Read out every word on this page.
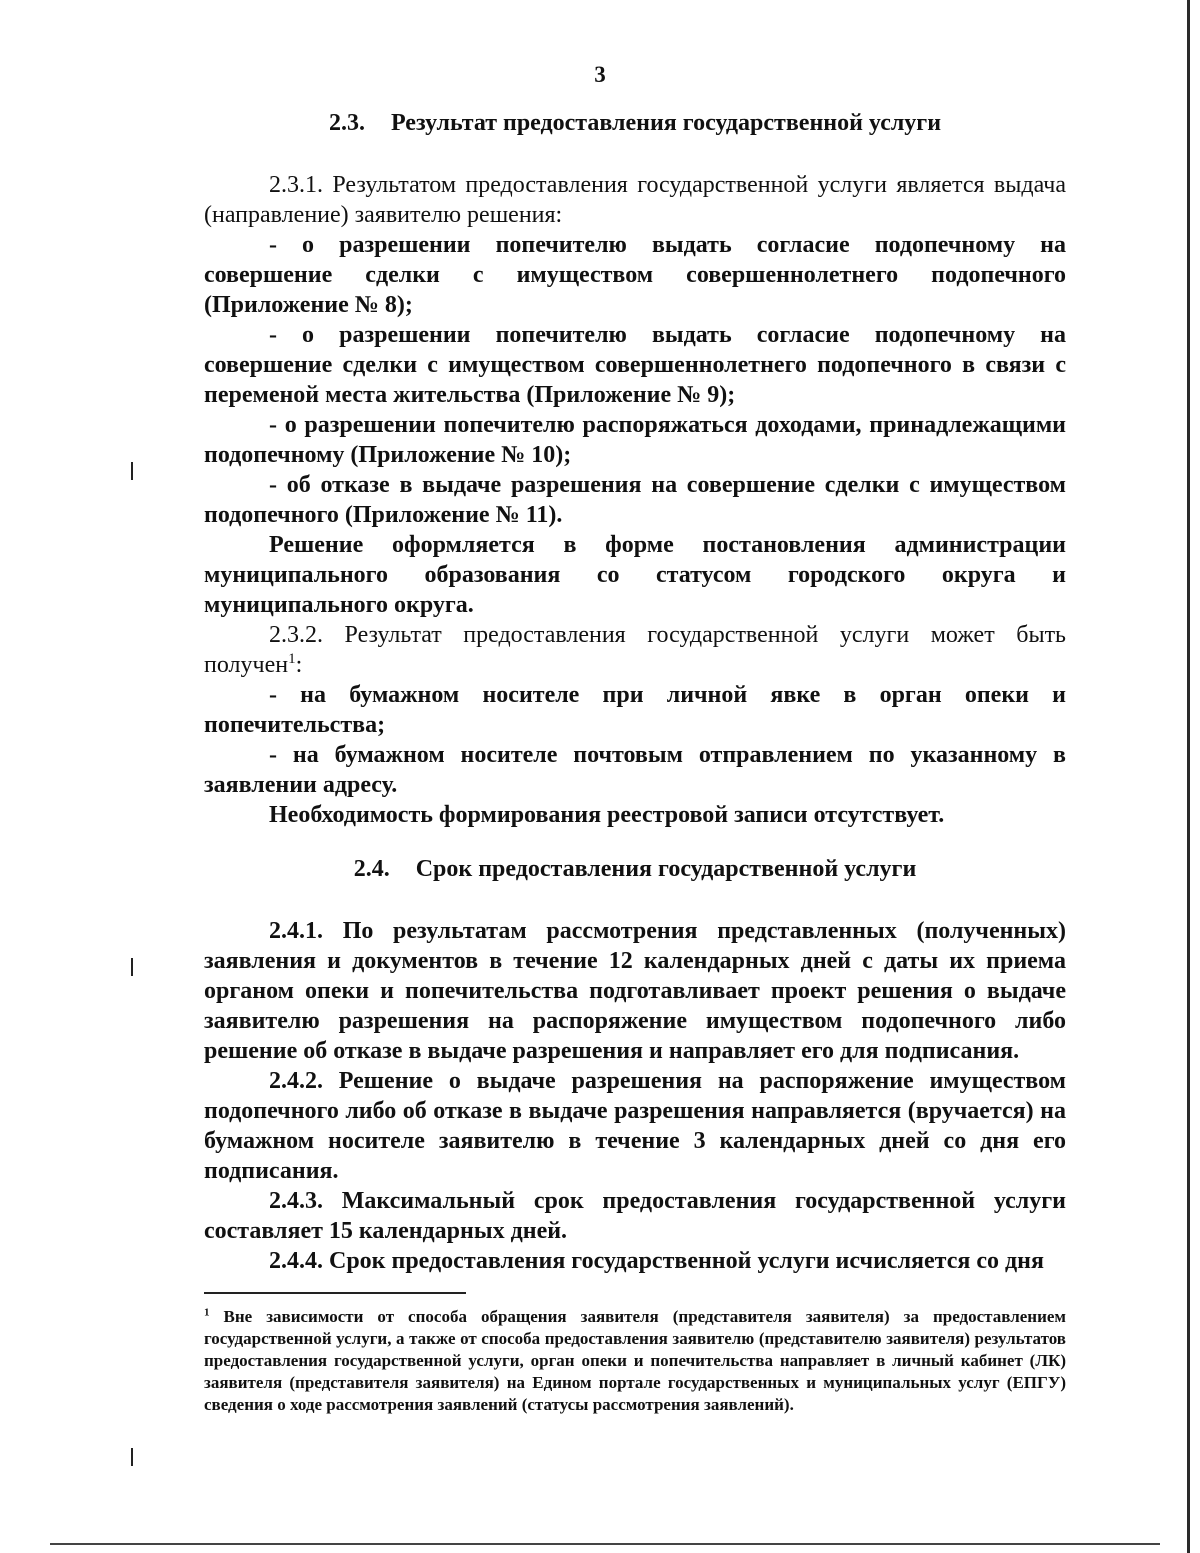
3
2.3. Результат предоставления государственной услуги

2.3.1. Результатом предоставления государственной услуги является выдача (направление) заявителю решения:

- о разрешении попечителю выдать согласие подопечному на совершение сделки с имуществом совершеннолетнего подопечного (Приложение № 8);

- о разрешении попечителю выдать согласие подопечному на совершение сделки с имуществом совершеннолетнего подопечного в связи с переменой места жительства (Приложение № 9);

- о разрешении попечителю распоряжаться доходами, принадлежащими подопечному (Приложение № 10);

- об отказе в выдаче разрешения на совершение сделки с имуществом подопечного (Приложение № 11).

Решение оформляется в форме постановления администрации муниципального образования со статусом городского округа и муниципального округа.

2.3.2. Результат предоставления государственной услуги может быть получен$^1$:

- на бумажном носителе при личной явке в орган опеки и попечительства;

- на бумажном носителе почтовым отправлением по указанному в заявлении адресу.

Необходимость формирования реестровой записи отсутствует.

2.4. Срок предоставления государственной услуги

2.4.1. По результатам рассмотрения представленных (полученных) заявления и документов в течение 12 календарных дней с даты их приема органом опеки и попечительства подготавливает проект решения о выдаче заявителю разрешения на распоряжение имуществом подопечного либо решение об отказе в выдаче разрешения и направляет его для подписания.

2.4.2. Решение о выдаче разрешения на распоряжение имуществом подопечного либо об отказе в выдаче разрешения направляется (вручается) на бумажном носителе заявителю в течение 3 календарных дней со дня его подписания.

2.4.3. Максимальный срок предоставления государственной услуги составляет 15 календарных дней.

2.4.4. Срок предоставления государственной услуги исчисляется со дня

$^1$ Вне зависимости от способа обращения заявителя (представителя заявителя) за предоставлением государственной услуги, а также от способа предоставления заявителю (представителю заявителя) результатов предоставления государственной услуги, орган опеки и попечительства направляет в личный кабинет (ЛК) заявителя (представителя заявителя) на Едином портале государственных и муниципальных услуг (ЕПГУ) сведения о ходе рассмотрения заявлений (статусы рассмотрения заявлений).
